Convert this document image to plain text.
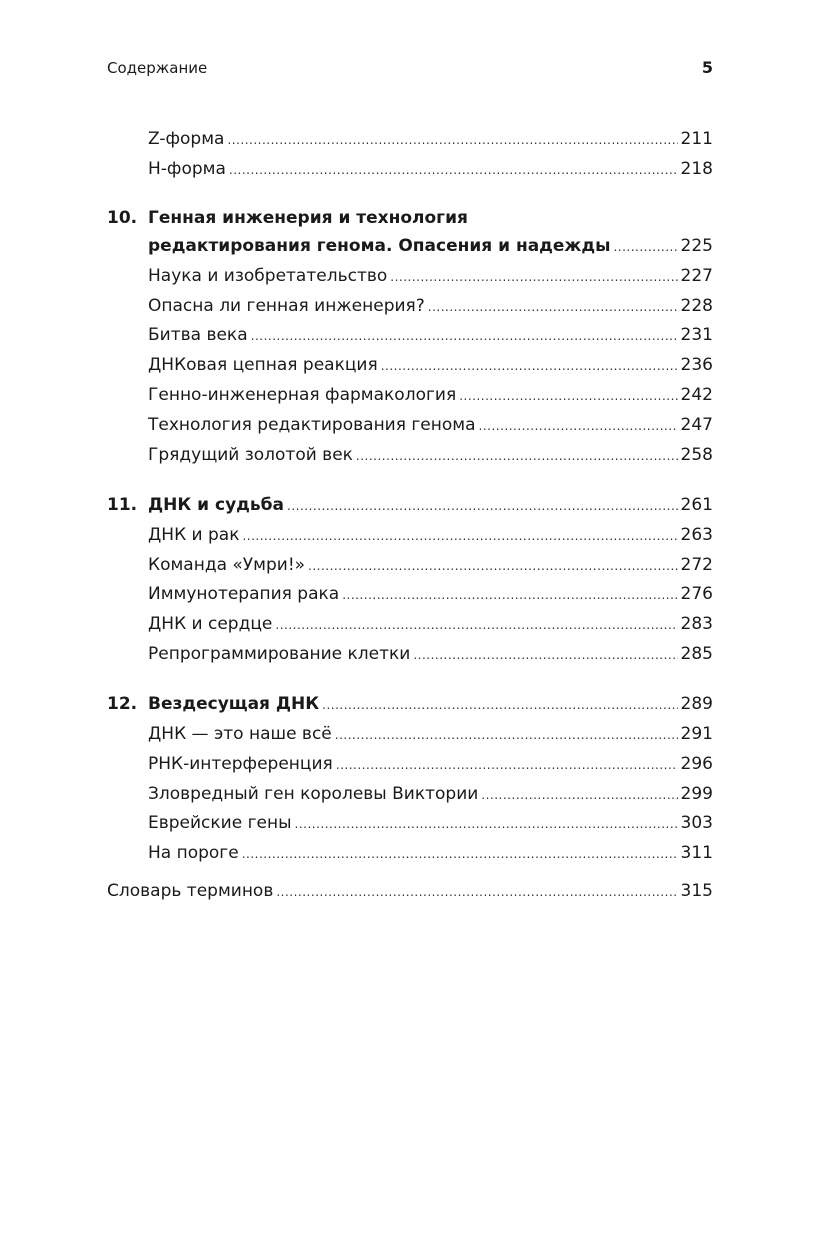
Содержание	5
Z-форма .....	211
H-форма .....	218
10. Генная инженерия и технология
редактирования генома. Опасения и надежды .....	225
Наука и изобретательство .....	227
Опасна ли генная инженерия? .....	228
Битва века .....	231
ДНКовая цепная реакция .....	236
Генно-инженерная фармакология .....	242
Технология редактирования генома .....	247
Грядущий золотой век .....	258
11. ДНК и судьба .....	261
ДНК и рак .....	263
Команда «Умри!» .....	272
Иммунотерапия рака .....	276
ДНК и сердце .....	283
Репрограммирование клетки .....	285
12. Вездесущая ДНК .....	289
ДНК — это наше всё .....	291
РНК-интерференция .....	296
Зловредный ген королевы Виктории .....	299
Еврейские гены .....	303
На пороге .....	311
Словарь терминов .....	315
